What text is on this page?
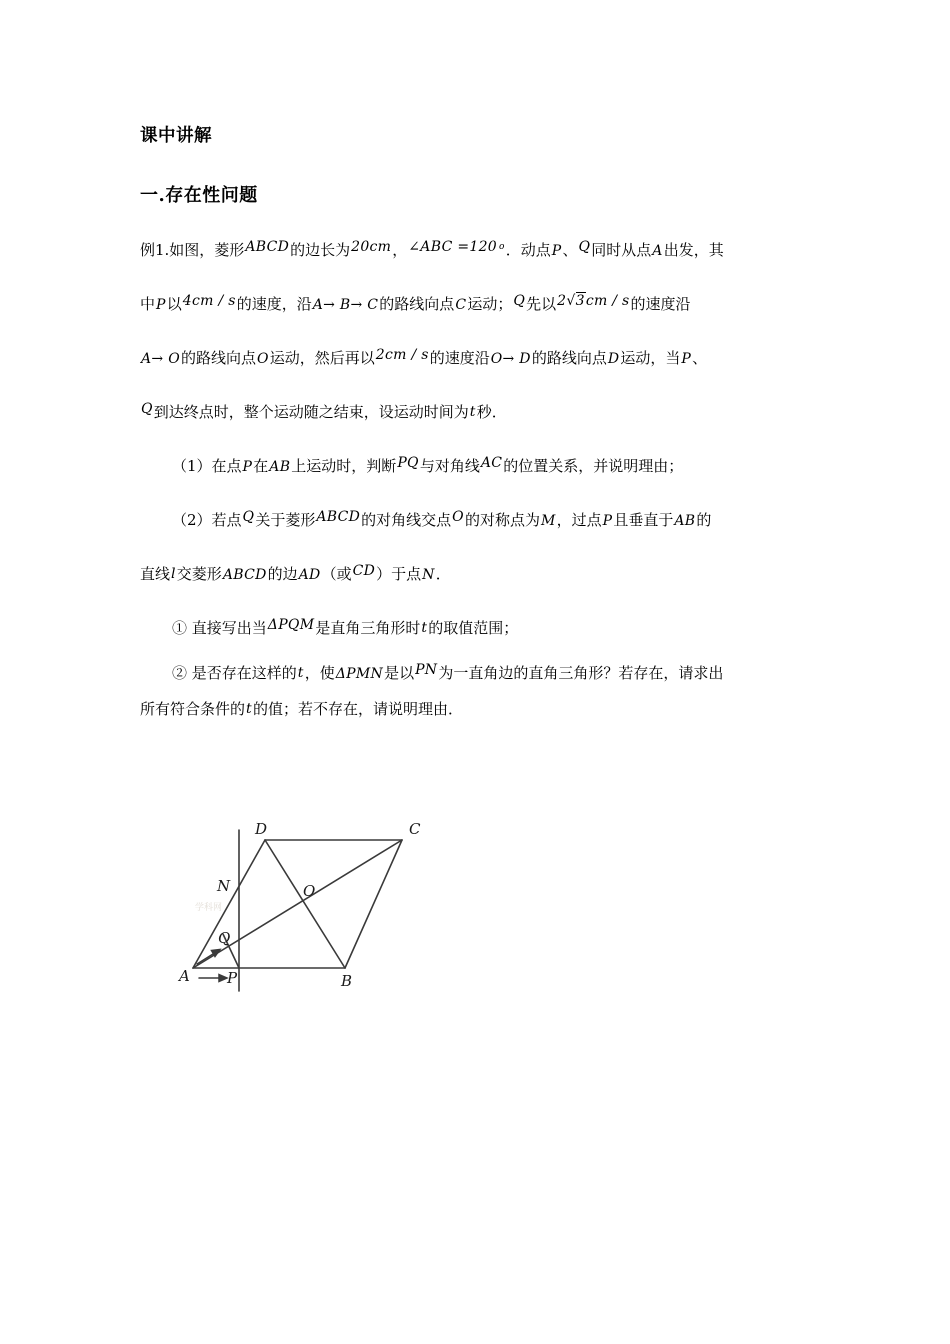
课中讲解
一.存在性问题
例1.如图，菱形ABCD的边长为20cm，∠ABC =120 $^o$．动点P、Q同时从点A出发，其
中P以4cm / s的速度，沿A→ B→ C的路线向点C运动；Q先以2√3cm / s的速度沿
A→ O的路线向点O运动，然后再以2cm / s的速度沿O→ D的路线向点D运动，当P、
Q到达终点时，整个运动随之结束，设运动时间为t秒．
（1）在点P在AB上运动时，判断PQ与对角线AC的位置关系，并说明理由；
（2）若点Q关于菱形ABCD的对角线交点O的对称点为M，过点P且垂直于AB的
直线l交菱形ABCD的边AD（或CD）于点N．
① 直接写出当ΔPQM是直角三角形时t的取值范围；
② 是否存在这样的t，使ΔPMN是以PN为一直角边的直角三角形？若存在，请求出
所有符合条件的t的值；若不存在，请说明理由．
学科网
A	B
C
D
N	O
P
Q
